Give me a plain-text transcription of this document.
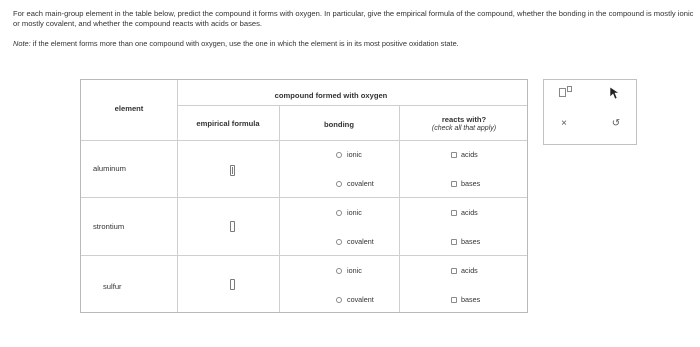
For each main-group element in the table below, predict the compound it forms with oxygen. In particular, give the empirical formula of the compound, whether the bonding in the compound is mostly ionic or mostly covalent, and whether the compound reacts with acids or bases.
Note: if the element forms more than one compound with oxygen, use the one in which the element is in its most positive oxidation state.
element
compound formed with oxygen
empirical formula	bonding
reacts with?
(check all that apply)
aluminum
ionic
covalent
acids
bases
strontium
ionic
covalent
acids
bases
sulfur
ionic
covalent
acids
bases
×	↺
